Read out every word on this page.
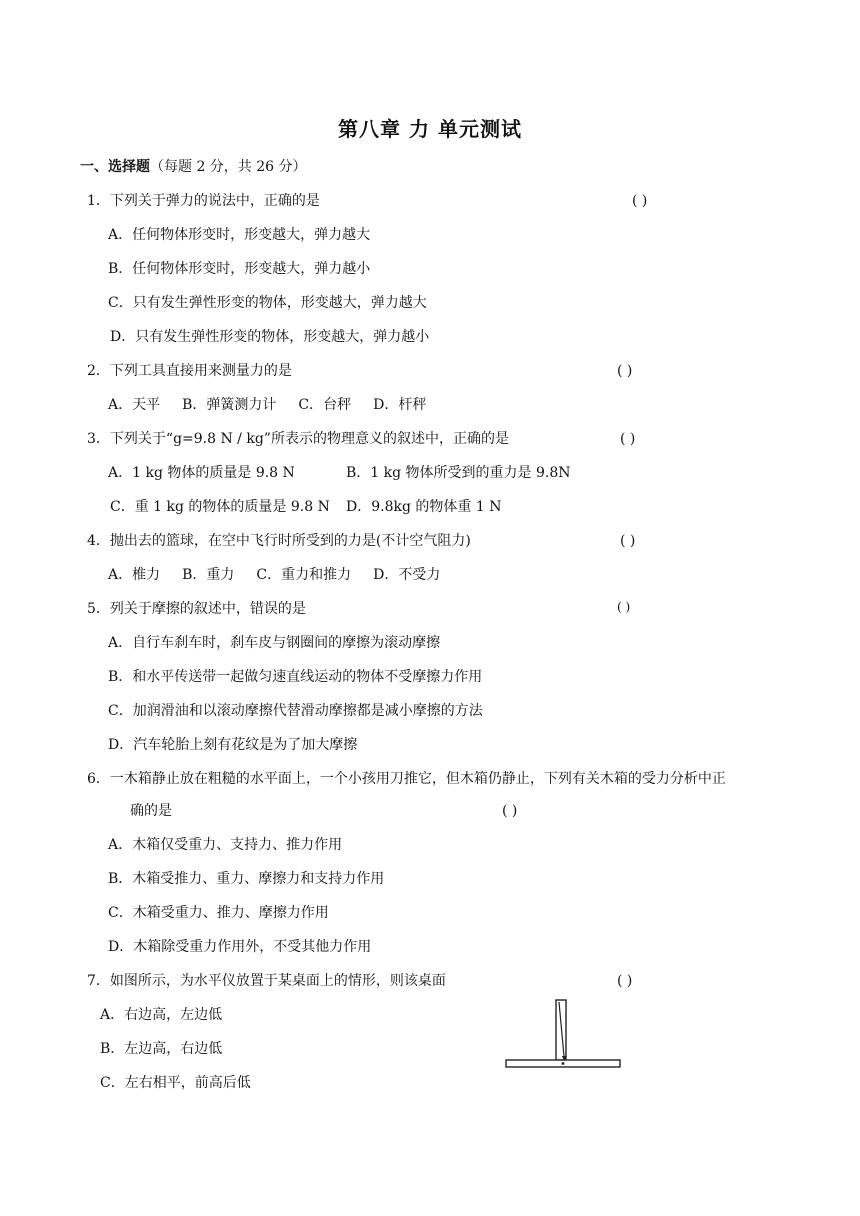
第八章 力 单元测试
一、选择题（每题 2 分，共 26 分）
1．下列关于弹力的说法中，正确的是	( )
A．任何物体形变时，形变越大，弹力越大
B．任何物体形变时，形变越大，弹力越小
C．只有发生弹性形变的物体，形变越大，弹力越大
D．只有发生弹性形变的物体，形变越大，弹力越小
2．下列工具直接用来测量力的是	( )
A．天平 B．弹簧测力计 C．台秤 D．杆秤
3．下列关于“g=9.8 N / kg”所表示的物理意义的叙述中，正确的是	( )
A．1 kg 物体的质量是 9.8 N	B．1 kg 物体所受到的重力是 9.8N
C．重 1 kg 的物体的质量是 9.8 N D．9.8kg 的物体重 1 N
4．抛出去的篮球，在空中飞行时所受到的力是(不计空气阻力)	( )
A．椎力 B．重力 C．重力和推力 D．不受力
5．列关于摩擦的叙述中，错误的是	( )
A．自行车刹车时，刹车皮与钢圈间的摩擦为滚动摩擦
B．和水平传送带一起做匀速直线运动的物体不受摩擦力作用
C．加润滑油和以滚动摩擦代替滑动摩擦都是减小摩擦的方法
D．汽车轮胎上刻有花纹是为了加大摩擦
6．一木箱静止放在粗糙的水平面上，一个小孩用刀推它，但木箱仍静止，下列有关木箱的受力分析中正
确的是	( )
A．木箱仅受重力、支持力、推力作用
B．木箱受推力、重力、摩擦力和支持力作用
C．木箱受重力、推力、摩擦力作用
D．木箱除受重力作用外，不受其他力作用
7．如图所示，为水平仪放置于某桌面上的情形，则该桌面	( )
A．右边高，左边低
B．左边高，右边低
C．左右相平，前高后低
